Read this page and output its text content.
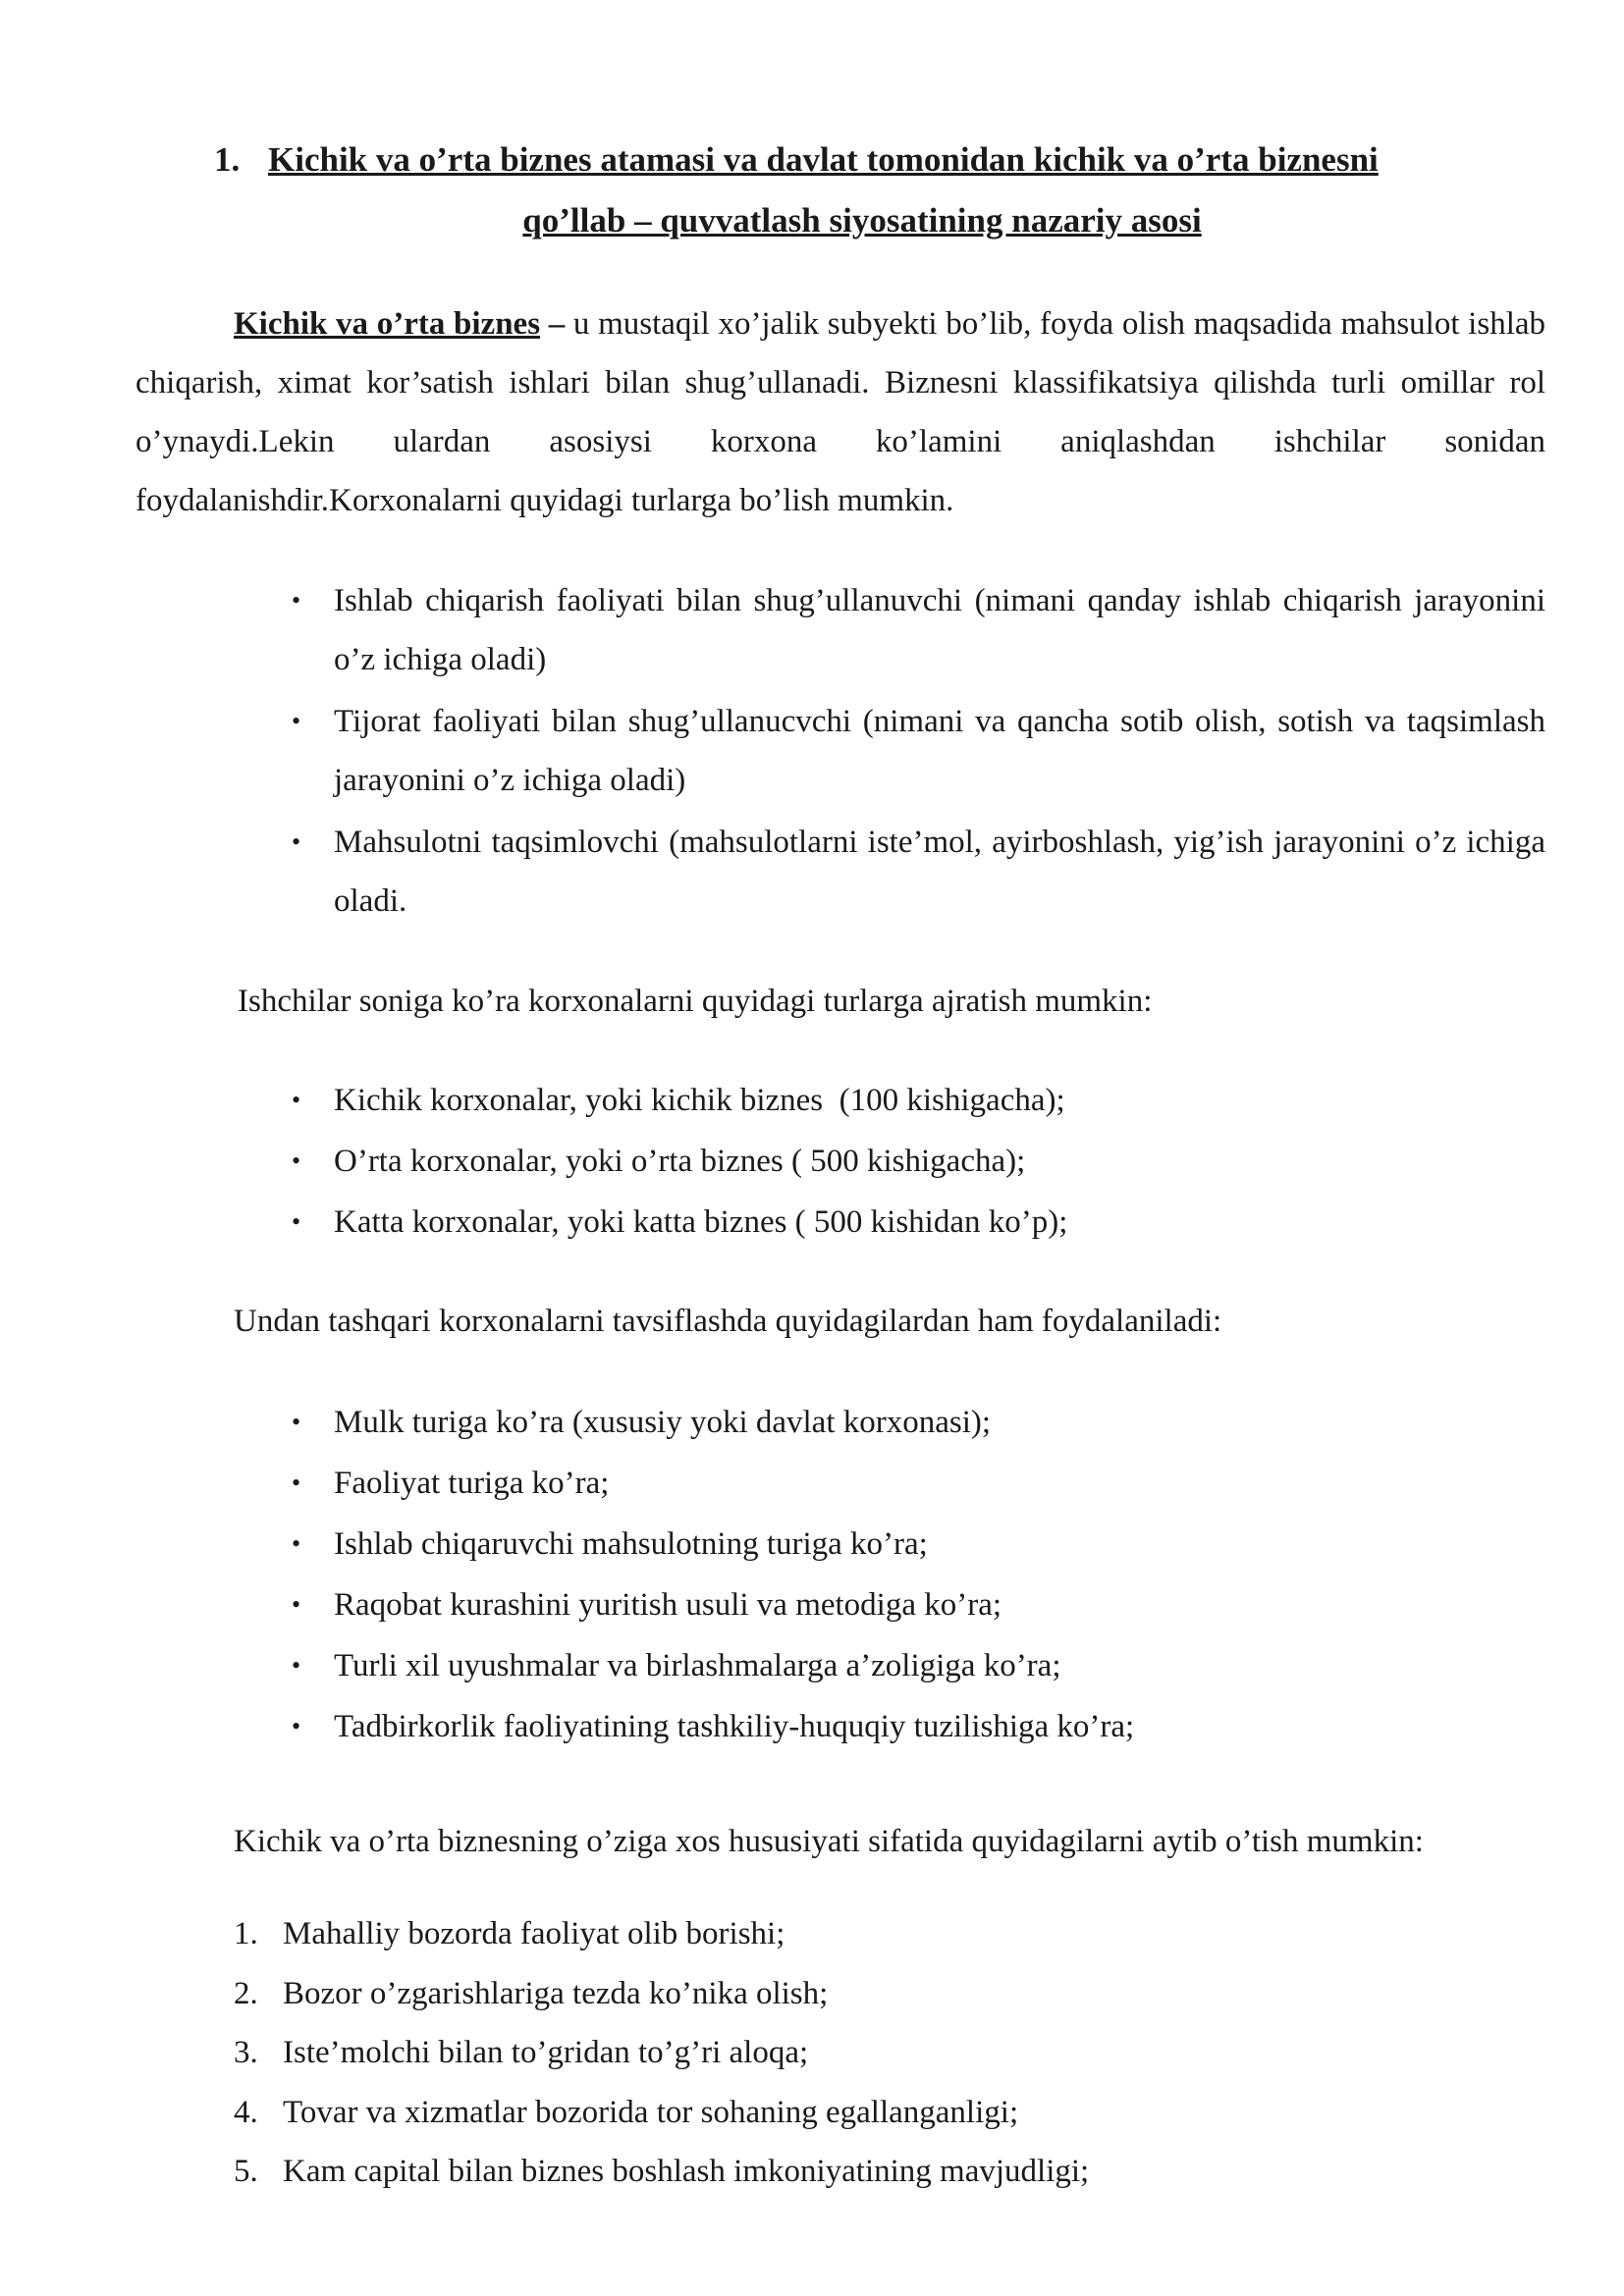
1. Kichik va o’rta biznes atamasi va davlat tomonidan kichik va o’rta biznesni
qo’llab – quvvatlash siyosatining nazariy asosi

Kichik va o’rta biznes – u mustaqil xo’jalik subyekti bo’lib, foyda olish maqsadida mahsulot ishlab chiqarish, ximat kor’satish ishlari bilan shug’ullanadi. Biznesni klassifikatsiya qilishda turli omillar rol o’ynaydi.Lekin ulardan asosiysi korxona ko’lamini aniqlashdan ishchilar sonidan foydalanishdir.Korxonalarni quyidagi turlarga bo’lish mumkin.

• Ishlab chiqarish faoliyati bilan shug’ullanuvchi (nimani qanday ishlab chiqarish jarayonini o’z ichiga oladi)
• Tijorat faoliyati bilan shug’ullanucvchi (nimani va qancha sotib olish, sotish va taqsimlash jarayonini o’z ichiga oladi)
• Mahsulotni taqsimlovchi (mahsulotlarni iste’mol, ayirboshlash, yig’ish jarayonini o’z ichiga oladi.
Ishchilar soniga ko’ra korxonalarni quyidagi turlarga ajratish mumkin:
• Kichik korxonalar, yoki kichik biznes  (100 kishigacha);
• O’rta korxonalar, yoki o’rta biznes ( 500 kishigacha);
• Katta korxonalar, yoki katta biznes ( 500 kishidan ko’p);
Undan tashqari korxonalarni tavsiflashda quyidagilardan ham foydalaniladi:
• Mulk turiga ko’ra (xususiy yoki davlat korxonasi);
• Faoliyat turiga ko’ra;
• Ishlab chiqaruvchi mahsulotning turiga ko’ra;
• Raqobat kurashini yuritish usuli va metodiga ko’ra;
• Turli xil uyushmalar va birlashmalarga a’zoligiga ko’ra;
• Tadbirkorlik faoliyatining tashkiliy-huquqiy tuzilishiga ko’ra;
Kichik va o’rta biznesning o’ziga xos hususiyati sifatida quyidagilarni aytib o’tish mumkin:
1. Mahalliy bozorda faoliyat olib borishi;
2. Bozor o’zgarishlariga tezda ko’nika olish;
3. Iste’molchi bilan to’gridan to’g’ri aloqa;
4. Tovar va xizmatlar bozorida tor sohaning egallanganligi;
5. Kam capital bilan biznes boshlash imkoniyatining mavjudligi;
